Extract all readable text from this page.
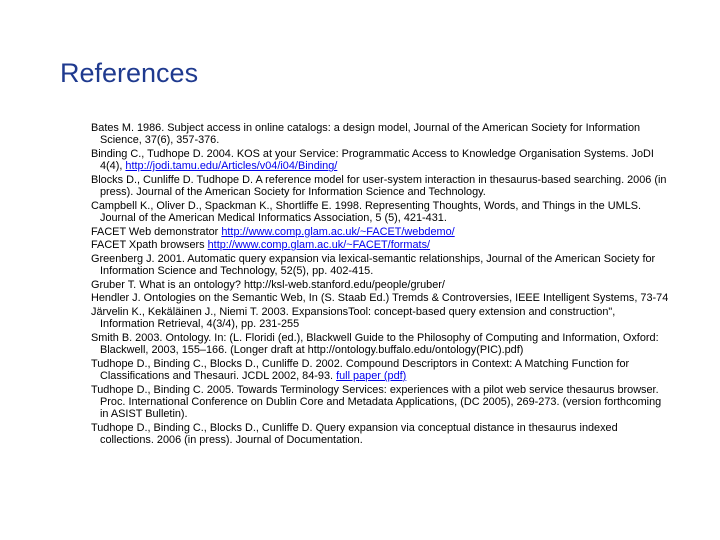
References
Bates M. 1986. Subject access in online catalogs: a design model, Journal of the American Society for Information Science, 37(6), 357-376.
Binding C., Tudhope D. 2004. KOS at your Service: Programmatic Access to Knowledge Organisation Systems. JoDI 4(4), http://jodi.tamu.edu/Articles/v04/i04/Binding/
Blocks D., Cunliffe D. Tudhope D. A reference model for user-system interaction in thesaurus-based searching. 2006 (in press). Journal of the American Society for Information Science and Technology.
Campbell K., Oliver D., Spackman K., Shortliffe E. 1998. Representing Thoughts, Words, and Things in the UMLS. Journal of the American Medical Informatics Association, 5 (5), 421-431.
FACET Web demonstrator http://www.comp.glam.ac.uk/~FACET/webdemo/
FACET Xpath browsers http://www.comp.glam.ac.uk/~FACET/formats/
Greenberg J. 2001. Automatic query expansion via lexical-semantic relationships, Journal of the American Society for Information Science and Technology, 52(5), pp. 402-415.
Gruber T. What is an ontology? http://ksl-web.stanford.edu/people/gruber/
Hendler J. Ontologies on the Semantic Web, In (S. Staab Ed.) Tremds & Controversies, IEEE Intelligent Systems, 73-74
Järvelin K., Kekäläinen J., Niemi T. 2003. ExpansionsTool: concept-based query extension and construction", Information Retrieval, 4(3/4), pp. 231-255
Smith B. 2003. Ontology. In: (L. Floridi (ed.), Blackwell Guide to the Philosophy of Computing and Information, Oxford: Blackwell, 2003, 155–166. (Longer draft at http://ontology.buffalo.edu/ontology(PIC).pdf)
Tudhope D., Binding C., Blocks D., Cunliffe D. 2002. Compound Descriptors in Context: A Matching Function for Classifications and Thesauri. JCDL 2002, 84-93. full paper (pdf)
Tudhope D., Binding C. 2005. Towards Terminology Services: experiences with a pilot web service thesaurus browser. Proc. International Conference on Dublin Core and Metadata Applications, (DC 2005), 269-273. (version forthcoming in ASIST Bulletin).
Tudhope D., Binding C., Blocks D., Cunliffe D. Query expansion via conceptual distance in thesaurus indexed collections. 2006 (in press). Journal of Documentation.
